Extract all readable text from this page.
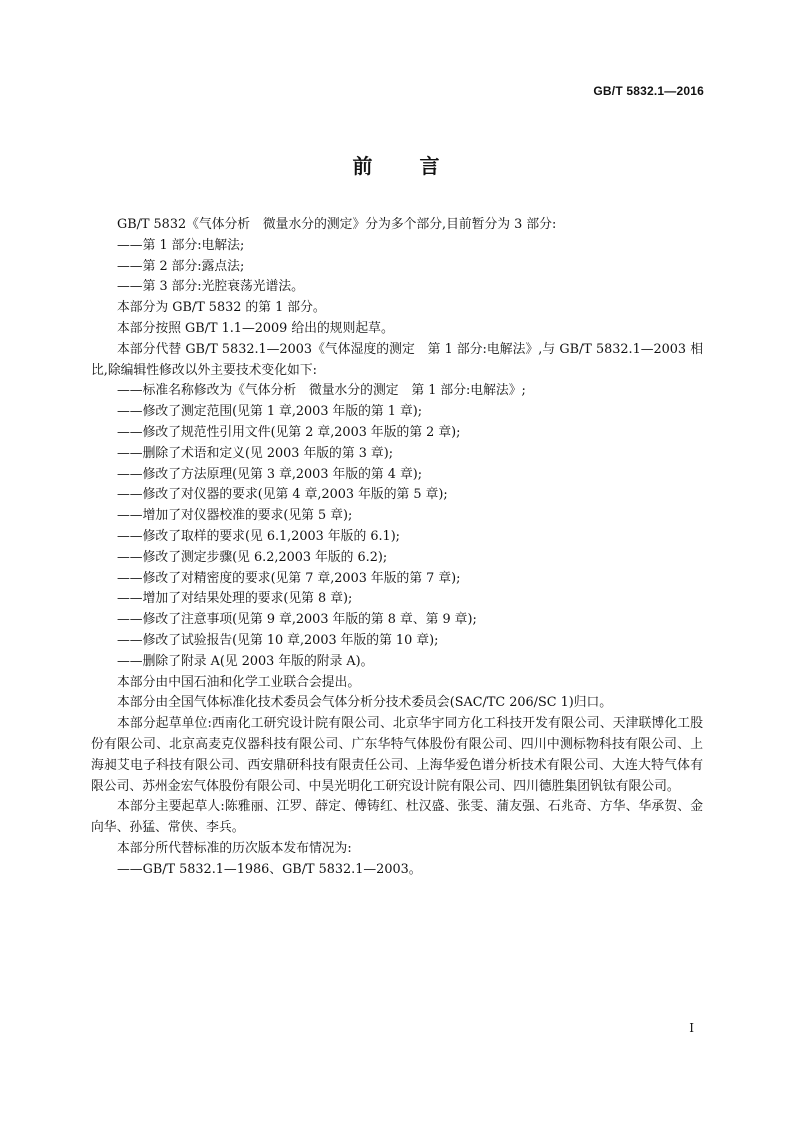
GB/T 5832.1—2016
前 言

GB/T 5832《气体分析　微量水分的测定》分为多个部分,目前暂分为 3 部分:

——第 1 部分:电解法;

——第 2 部分:露点法;

——第 3 部分:光腔衰荡光谱法。

本部分为 GB/T 5832 的第 1 部分。

本部分按照 GB/T 1.1—2009 给出的规则起草。

本部分代替 GB/T 5832.1—2003《气体湿度的测定　第 1 部分:电解法》,与 GB/T 5832.1—2003 相比,除编辑性修改以外主要技术变化如下:

——标准名称修改为《气体分析　微量水分的测定　第 1 部分:电解法》;

——修改了测定范围(见第 1 章,2003 年版的第 1 章);

——修改了规范性引用文件(见第 2 章,2003 年版的第 2 章);

——删除了术语和定义(见 2003 年版的第 3 章);

——修改了方法原理(见第 3 章,2003 年版的第 4 章);

——修改了对仪器的要求(见第 4 章,2003 年版的第 5 章);

——增加了对仪器校准的要求(见第 5 章);

——修改了取样的要求(见 6.1,2003 年版的 6.1);

——修改了测定步骤(见 6.2,2003 年版的 6.2);

——修改了对精密度的要求(见第 7 章,2003 年版的第 7 章);

——增加了对结果处理的要求(见第 8 章);

——修改了注意事项(见第 9 章,2003 年版的第 8 章、第 9 章);

——修改了试验报告(见第 10 章,2003 年版的第 10 章);

——删除了附录 A(见 2003 年版的附录 A)。

本部分由中国石油和化学工业联合会提出。

本部分由全国气体标准化技术委员会气体分析分技术委员会(SAC/TC 206/SC 1)归口。

本部分起草单位:西南化工研究设计院有限公司、北京华宇同方化工科技开发有限公司、天津联博化工股份有限公司、北京高麦克仪器科技有限公司、广东华特气体股份有限公司、四川中测标物科技有限公司、上海昶艾电子科技有限公司、西安鼎研科技有限责任公司、上海华爱色谱分析技术有限公司、大连大特气体有限公司、苏州金宏气体股份有限公司、中昊光明化工研究设计院有限公司、四川德胜集团钒钛有限公司。

本部分主要起草人:陈雅丽、江罗、薛定、傅铸红、杜汉盛、张雯、蒲友强、石兆奇、方华、华承贺、金向华、孙猛、常侠、李兵。

本部分所代替标准的历次版本发布情况为:

——GB/T 5832.1—1986、GB/T 5832.1—2003。

I
